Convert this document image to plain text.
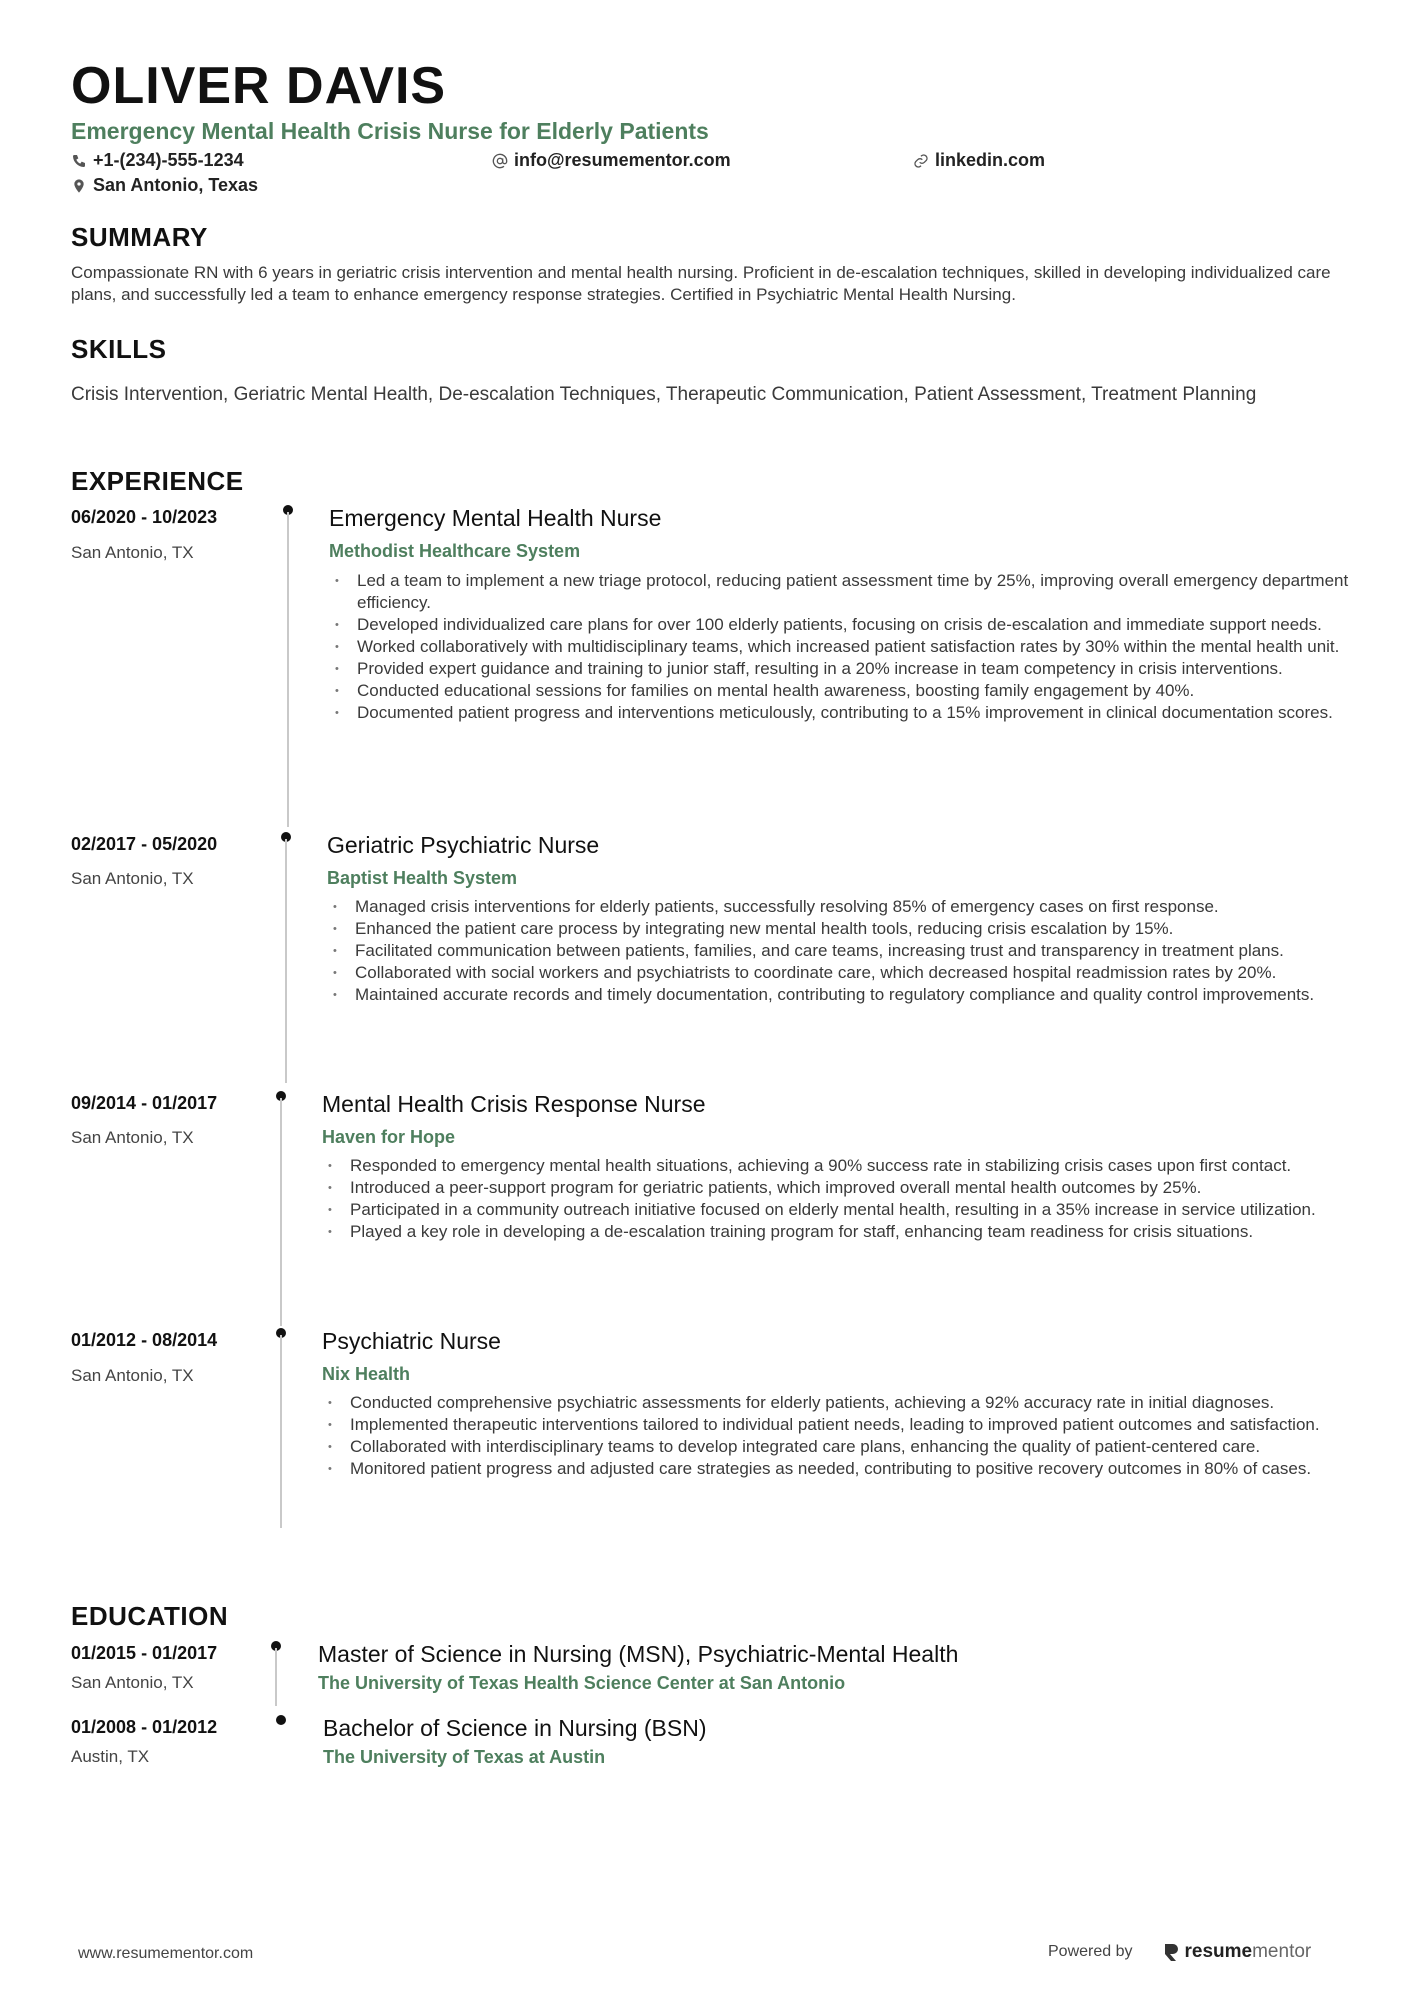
OLIVER DAVIS
Emergency Mental Health Crisis Nurse for Elderly Patients
+1-(234)-555-1234	info@resumementor.com	linkedin.com
San Antonio, Texas
SUMMARY
Compassionate RN with 6 years in geriatric crisis intervention and mental health nursing. Proficient in de-escalation techniques, skilled in developing individualized care plans, and successfully led a team to enhance emergency response strategies. Certified in Psychiatric Mental Health Nursing.
SKILLS
Crisis Intervention, Geriatric Mental Health, De-escalation Techniques, Therapeutic Communication, Patient Assessment, Treatment Planning
EXPERIENCE
06/2020 - 10/2023
San Antonio, TX
Emergency Mental Health Nurse
Methodist Healthcare System
• Led a team to implement a new triage protocol, reducing patient assessment time by 25%, improving overall emergency department efficiency.
• Developed individualized care plans for over 100 elderly patients, focusing on crisis de-escalation and immediate support needs.
• Worked collaboratively with multidisciplinary teams, which increased patient satisfaction rates by 30% within the mental health unit.
• Provided expert guidance and training to junior staff, resulting in a 20% increase in team competency in crisis interventions.
• Conducted educational sessions for families on mental health awareness, boosting family engagement by 40%.
• Documented patient progress and interventions meticulously, contributing to a 15% improvement in clinical documentation scores.
02/2017 - 05/2020
San Antonio, TX
Geriatric Psychiatric Nurse
Baptist Health System
• Managed crisis interventions for elderly patients, successfully resolving 85% of emergency cases on first response.
• Enhanced the patient care process by integrating new mental health tools, reducing crisis escalation by 15%.
• Facilitated communication between patients, families, and care teams, increasing trust and transparency in treatment plans.
• Collaborated with social workers and psychiatrists to coordinate care, which decreased hospital readmission rates by 20%.
• Maintained accurate records and timely documentation, contributing to regulatory compliance and quality control improvements.
09/2014 - 01/2017
San Antonio, TX
Mental Health Crisis Response Nurse
Haven for Hope
• Responded to emergency mental health situations, achieving a 90% success rate in stabilizing crisis cases upon first contact.
• Introduced a peer-support program for geriatric patients, which improved overall mental health outcomes by 25%.
• Participated in a community outreach initiative focused on elderly mental health, resulting in a 35% increase in service utilization.
• Played a key role in developing a de-escalation training program for staff, enhancing team readiness for crisis situations.
01/2012 - 08/2014
San Antonio, TX
Psychiatric Nurse
Nix Health
• Conducted comprehensive psychiatric assessments for elderly patients, achieving a 92% accuracy rate in initial diagnoses.
• Implemented therapeutic interventions tailored to individual patient needs, leading to improved patient outcomes and satisfaction.
• Collaborated with interdisciplinary teams to develop integrated care plans, enhancing the quality of patient-centered care.
• Monitored patient progress and adjusted care strategies as needed, contributing to positive recovery outcomes in 80% of cases.
EDUCATION
01/2015 - 01/2017
San Antonio, TX
Master of Science in Nursing (MSN), Psychiatric-Mental Health
The University of Texas Health Science Center at San Antonio
01/2008 - 01/2012
Austin, TX
Bachelor of Science in Nursing (BSN)
The University of Texas at Austin
www.resumementor.com	Powered by	resumementor
